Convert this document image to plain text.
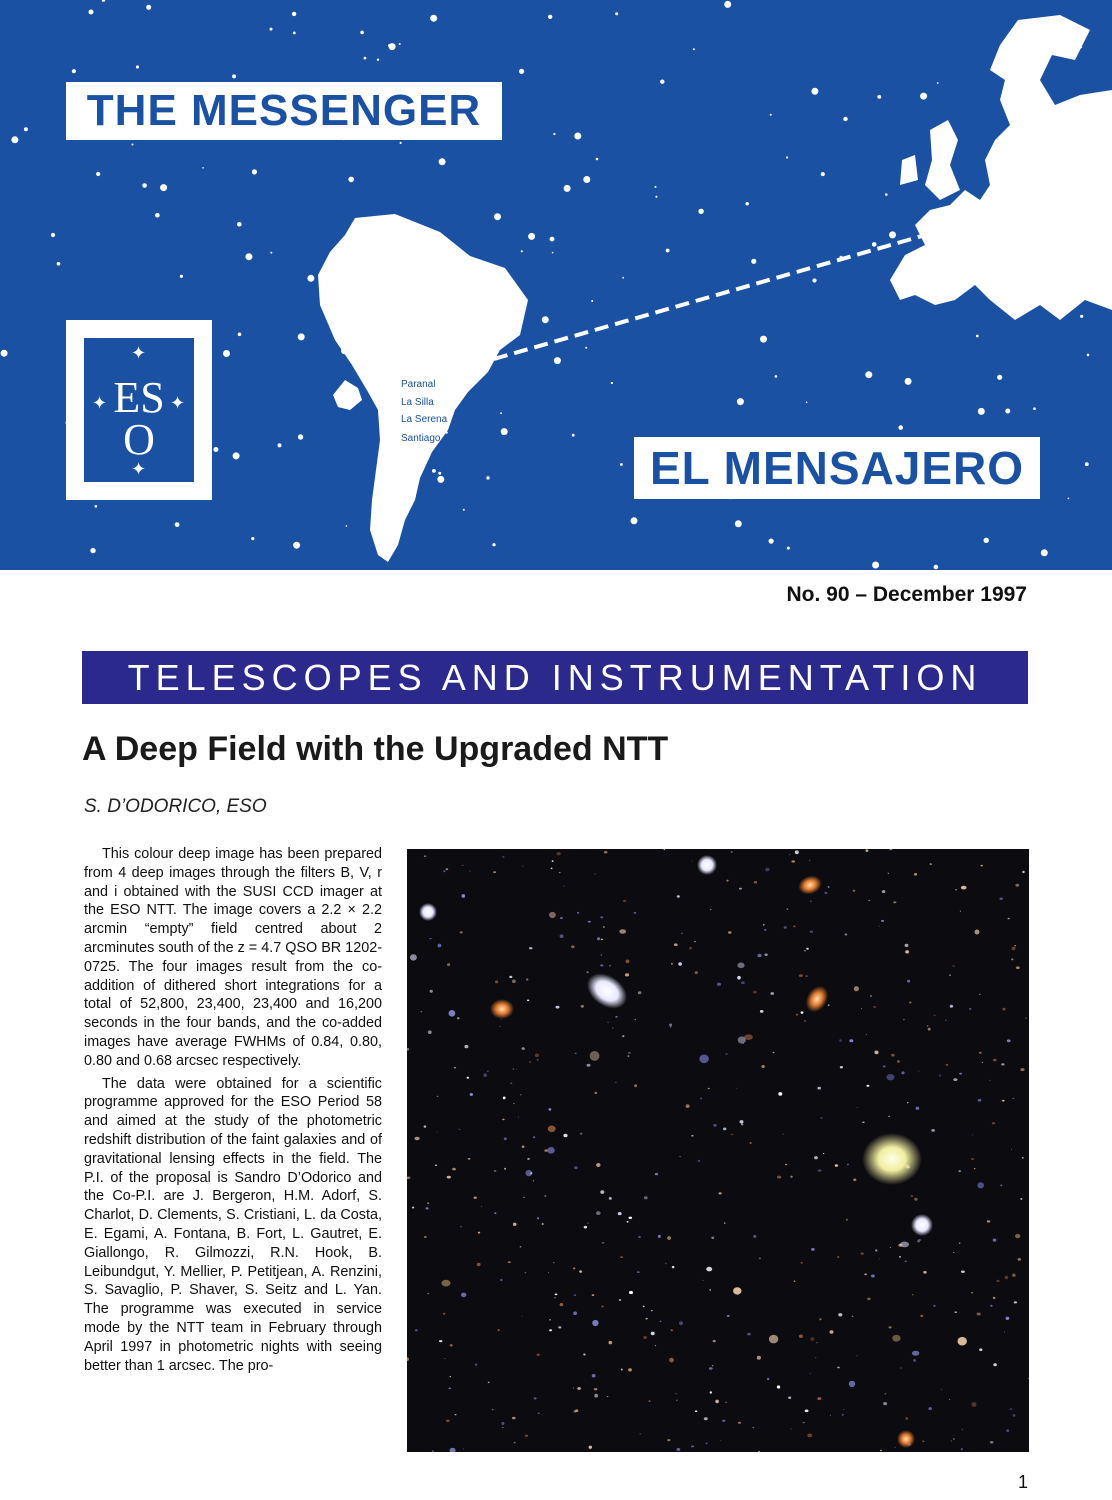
Munich
Paranal
La Silla
La Serena
Santiago
THE MESSENGER
EL MENSAJERO
✦
✦	✦
ES
O
✦
No. 90 – December 1997
TELESCOPES AND INSTRUMENTATION
A Deep Field with the Upgraded NTT
S. D’ODORICO, ESO

This colour deep image has been prepared from 4 deep images through the filters B, V, r and i obtained with the SUSI CCD imager at the ESO NTT. The image covers a 2.2 × 2.2 arcmin “empty” field centred about 2 arcminutes south of the z = 4.7 QSO BR 1202-0725. The four images result from the co-addition of dithered short integrations for a total of 52,800, 23,400, 23,400 and 16,200 seconds in the four bands, and the co-added images have average FWHMs of 0.84, 0.80, 0.80 and 0.68 arcsec respectively.

The data were obtained for a scientific programme approved for the ESO Period 58 and aimed at the study of the photometric redshift distribution of the faint galaxies and of gravitational lensing effects in the field. The P.I. of the proposal is Sandro D’Odorico and the Co-P.I. are J. Bergeron, H.M. Adorf, S. Charlot, D. Clements, S. Cristiani, L. da Costa, E. Egami, A. Fontana, B. Fort, L. Gautret, E. Giallongo, R. Gilmozzi, R.N. Hook, B. Leibundgut, Y. Mellier, P. Petitjean, A. Renzini, S. Savaglio, P. Shaver, S. Seitz and L. Yan. The programme was executed in service mode by the NTT team in February through April 1997 in photometric nights with seeing better than 1 arcsec. The pro-

1
